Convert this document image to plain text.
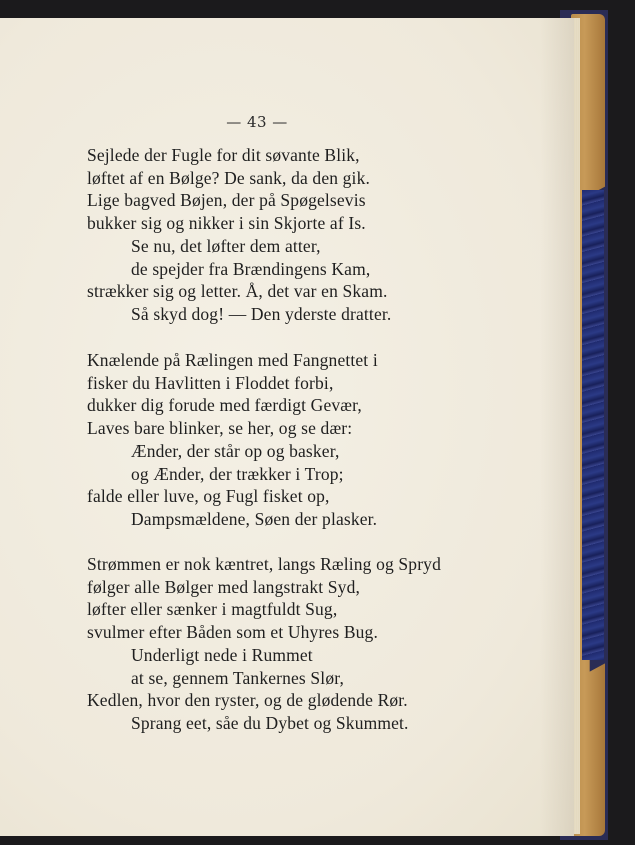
— 43 —
Sejlede der Fugle for dit søvante Blik,
løftet af en Bølge? De sank, da den gik.
Lige bagved Bøjen, der på Spøgelsevis
bukker sig og nikker i sin Skjorte af Is.
Se nu, det løfter dem atter,
de spejder fra Brændingens Kam,
strækker sig og letter. Å, det var en Skam.
Så skyd dog! — Den yderste dratter.
Knælende på Rælingen med Fangnettet i
fisker du Havlitten i Floddet forbi,
dukker dig forude med færdigt Gevær,
Laves bare blinker, se her, og se dær:
Ænder, der står op og basker,
og Ænder, der trækker i Trop;
falde eller luve, og Fugl fisket op,
Dampsmældene, Søen der plasker.
Strømmen er nok kæntret, langs Ræling og Spryd
følger alle Bølger med langstrakt Syd,
løfter eller sænker i magtfuldt Sug,
svulmer efter Båden som et Uhyres Bug.
Underligt nede i Rummet
at se, gennem Tankernes Slør,
Kedlen, hvor den ryster, og de glødende Rør.
Sprang eet, såe du Dybet og Skummet.
